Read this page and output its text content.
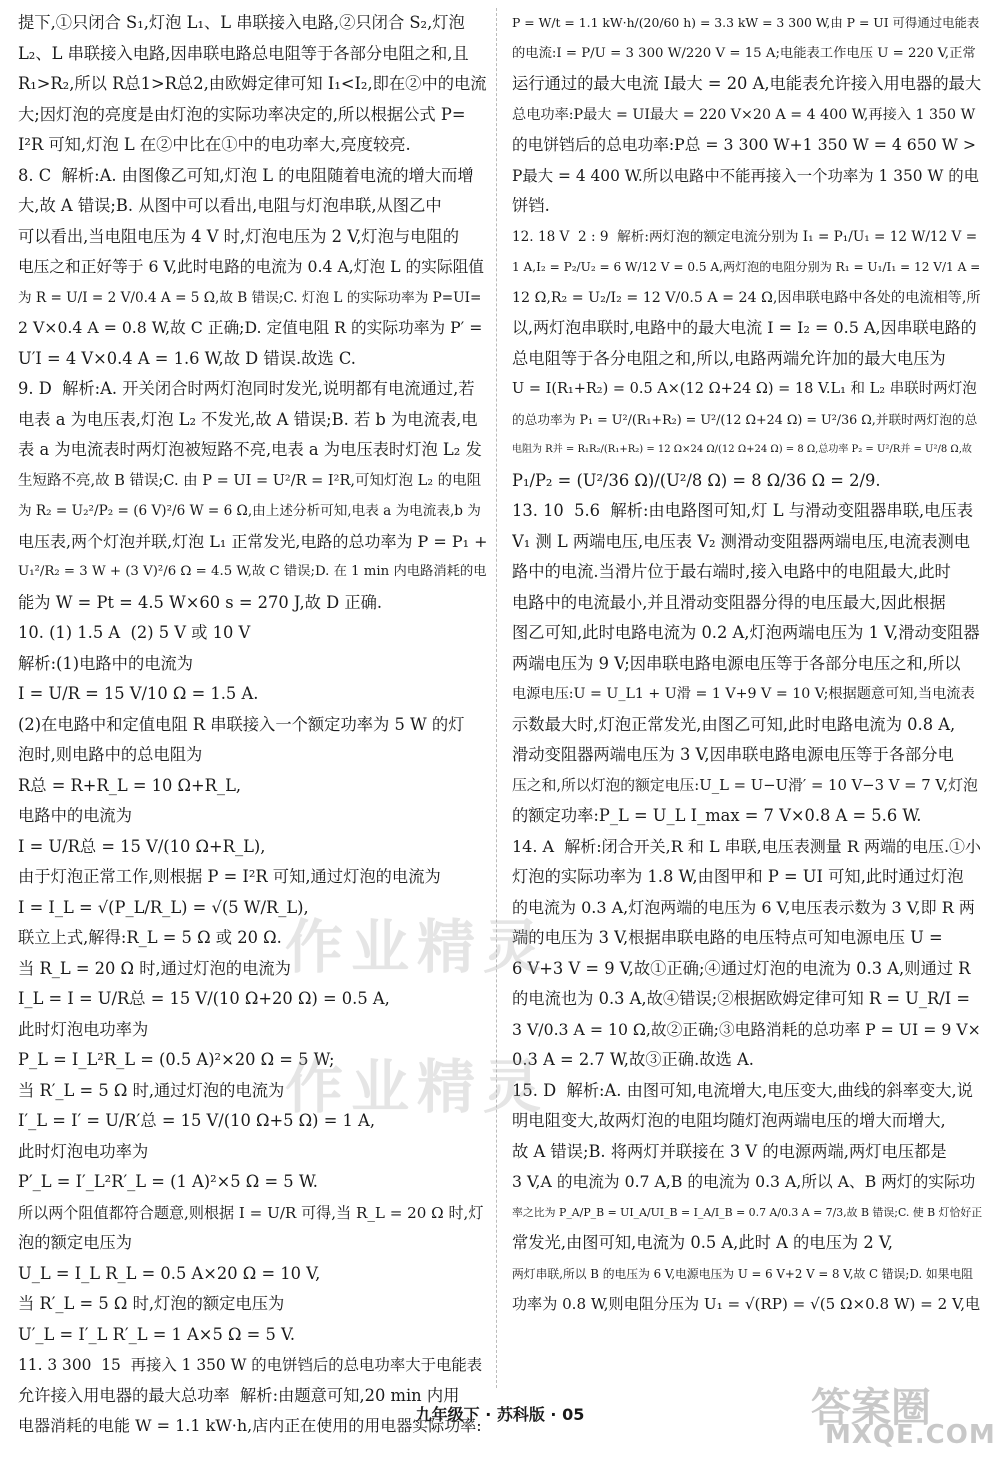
提下,①只闭合 S₁,灯泡 L₁、L 串联接入电路,②只闭合 S₂,灯泡
L₂、L 串联接入电路,因串联电路总电阻等于各部分电阻之和,且
R₁>R₂,所以 R总1>R总2,由欧姆定律可知 I₁<I₂,即在②中的电流
大;因灯泡的亮度是由灯泡的实际功率决定的,所以根据公式 P=
I²R 可知,灯泡 L 在②中比在①中的电功率大,亮度较亮.
8. C  解析:A. 由图像乙可知,灯泡 L 的电阻随着电流的增大而增
大,故 A 错误;B. 从图中可以看出,电阻与灯泡串联,从图乙中
可以看出,当电阻电压为 4 V 时,灯泡电压为 2 V,灯泡与电阻的
电压之和正好等于 6 V,此时电路的电流为 0.4 A,灯泡 L 的实际阻值
为 R = U/I = 2 V/0.4 A = 5 Ω,故 B 错误;C. 灯泡 L 的实际功率为 P=UI=
2 V×0.4 A = 0.8 W,故 C 正确;D. 定值电阻 R 的实际功率为 P′ =
U′I = 4 V×0.4 A = 1.6 W,故 D 错误.故选 C.
9. D  解析:A. 开关闭合时两灯泡同时发光,说明都有电流通过,若
电表 a 为电压表,灯泡 L₂ 不发光,故 A 错误;B. 若 b 为电流表,电
表 a 为电流表时两灯泡被短路不亮,电表 a 为电压表时灯泡 L₂ 发
生短路不亮,故 B 错误;C. 由 P = UI = U²/R = I²R,可知灯泡 L₂ 的电阻
为 R₂ = U₂²/P₂ = (6 V)²/6 W = 6 Ω,由上述分析可知,电表 a 为电流表,b 为
电压表,两个灯泡并联,灯泡 L₁ 正常发光,电路的总功率为 P = P₁ +
U₁²/R₂ = 3 W + (3 V)²/6 Ω = 4.5 W,故 C 错误;D. 在 1 min 内电路消耗的电
能为 W = Pt = 4.5 W×60 s = 270 J,故 D 正确.
10. (1) 1.5 A  (2) 5 V 或 10 V
解析:(1)电路中的电流为
I = U/R = 15 V/10 Ω = 1.5 A.
(2)在电路中和定值电阻 R 串联接入一个额定功率为 5 W 的灯
泡时,则电路中的总电阻为
R总 = R+R_L = 10 Ω+R_L,
电路中的电流为
I = U/R总 = 15 V/(10 Ω+R_L),
由于灯泡正常工作,则根据 P = I²R 可知,通过灯泡的电流为
I = I_L = √(P_L/R_L) = √(5 W/R_L),
联立上式,解得:R_L = 5 Ω 或 20 Ω.
当 R_L = 20 Ω 时,通过灯泡的电流为
I_L = I = U/R总 = 15 V/(10 Ω+20 Ω) = 0.5 A,
此时灯泡电功率为
P_L = I_L²R_L = (0.5 A)²×20 Ω = 5 W;
当 R′_L = 5 Ω 时,通过灯泡的电流为
I′_L = I′ = U/R′总 = 15 V/(10 Ω+5 Ω) = 1 A,
此时灯泡电功率为
P′_L = I′_L²R′_L = (1 A)²×5 Ω = 5 W.
所以两个阻值都符合题意,则根据 I = U/R 可得,当 R_L = 20 Ω 时,灯
泡的额定电压为
U_L = I_L R_L = 0.5 A×20 Ω = 10 V,
当 R′_L = 5 Ω 时,灯泡的额定电压为
U′_L = I′_L R′_L = 1 A×5 Ω = 5 V.
11. 3 300  15  再接入 1 350 W 的电饼铛后的总电功率大于电能表
允许接入用电器的最大总功率  解析:由题意可知,20 min 内用
电器消耗的电能 W = 1.1 kW·h,店内正在使用的用电器实际功率:
P = W/t = 1.1 kW·h/(20/60 h) = 3.3 kW = 3 300 W,由 P = UI 可得通过电能表
的电流:I = P/U = 3 300 W/220 V = 15 A;电能表工作电压 U = 220 V,正常
运行通过的最大电流 I最大 = 20 A,电能表允许接入用电器的最大
总电功率:P最大 = UI最大 = 220 V×20 A = 4 400 W,再接入 1 350 W
的电饼铛后的总电功率:P总 = 3 300 W+1 350 W = 4 650 W >
P最大 = 4 400 W.所以电路中不能再接入一个功率为 1 350 W 的电
饼铛.
12. 18 V  2 : 9  解析:两灯泡的额定电流分别为 I₁ = P₁/U₁ = 12 W/12 V =
1 A,I₂ = P₂/U₂ = 6 W/12 V = 0.5 A,两灯泡的电阻分别为 R₁ = U₁/I₁ = 12 V/1 A =
12 Ω,R₂ = U₂/I₂ = 12 V/0.5 A = 24 Ω,因串联电路中各处的电流相等,所
以,两灯泡串联时,电路中的最大电流 I = I₂ = 0.5 A,因串联电路的
总电阻等于各分电阻之和,所以,电路两端允许加的最大电压为
U = I(R₁+R₂) = 0.5 A×(12 Ω+24 Ω) = 18 V.L₁ 和 L₂ 串联时两灯泡
的总功率为 P₁ = U²/(R₁+R₂) = U²/(12 Ω+24 Ω) = U²/36 Ω,并联时两灯泡的总
电阻为 R并 = R₁R₂/(R₁+R₂) = 12 Ω×24 Ω/(12 Ω+24 Ω) = 8 Ω,总功率 P₂ = U²/R并 = U²/8 Ω,故
P₁/P₂ = (U²/36 Ω)/(U²/8 Ω) = 8 Ω/36 Ω = 2/9.
13. 10  5.6  解析:由电路图可知,灯 L 与滑动变阻器串联,电压表
V₁ 测 L 两端电压,电压表 V₂ 测滑动变阻器两端电压,电流表测电
路中的电流.当滑片位于最右端时,接入电路中的电阻最大,此时
电路中的电流最小,并且滑动变阻器分得的电压最大,因此根据
图乙可知,此时电路电流为 0.2 A,灯泡两端电压为 1 V,滑动变阻器
两端电压为 9 V;因串联电路电源电压等于各部分电压之和,所以
电源电压:U = U_L1 + U滑 = 1 V+9 V = 10 V;根据题意可知,当电流表
示数最大时,灯泡正常发光,由图乙可知,此时电路电流为 0.8 A,
滑动变阻器两端电压为 3 V,因串联电路电源电压等于各部分电
压之和,所以灯泡的额定电压:U_L = U−U滑′ = 10 V−3 V = 7 V,灯泡
的额定功率:P_L = U_L I_max = 7 V×0.8 A = 5.6 W.
14. A  解析:闭合开关,R 和 L 串联,电压表测量 R 两端的电压.①小
灯泡的实际功率为 1.8 W,由图甲和 P = UI 可知,此时通过灯泡
的电流为 0.3 A,灯泡两端的电压为 6 V,电压表示数为 3 V,即 R 两
端的电压为 3 V,根据串联电路的电压特点可知电源电压 U =
6 V+3 V = 9 V,故①正确;④通过灯泡的电流为 0.3 A,则通过 R
的电流也为 0.3 A,故④错误;②根据欧姆定律可知 R = U_R/I =
3 V/0.3 A = 10 Ω,故②正确;③电路消耗的总功率 P = UI = 9 V×
0.3 A = 2.7 W,故③正确.故选 A.
15. D  解析:A. 由图可知,电流增大,电压变大,曲线的斜率变大,说
明电阻变大,故两灯泡的电阻均随灯泡两端电压的增大而增大,
故 A 错误;B. 将两灯并联接在 3 V 的电源两端,两灯电压都是
3 V,A 的电流为 0.7 A,B 的电流为 0.3 A,所以 A、B 两灯的实际功
率之比为 P_A/P_B = UI_A/UI_B = I_A/I_B = 0.7 A/0.3 A = 7/3,故 B 错误;C. 使 B 灯恰好正
常发光,由图可知,电流为 0.5 A,此时 A 的电压为 2 V,
两灯串联,所以 B 的电压为 6 V,电源电压为 U = 6 V+2 V = 8 V,故 C 错误;D. 如果电阻
功率为 0.8 W,则电阻分压为 U₁ = √(RP) = √(5 Ω×0.8 W) = 2 V,电
作业精灵
作业精灵
九年级下 · 苏科版 · 05	答案圈
MXQE.COM
